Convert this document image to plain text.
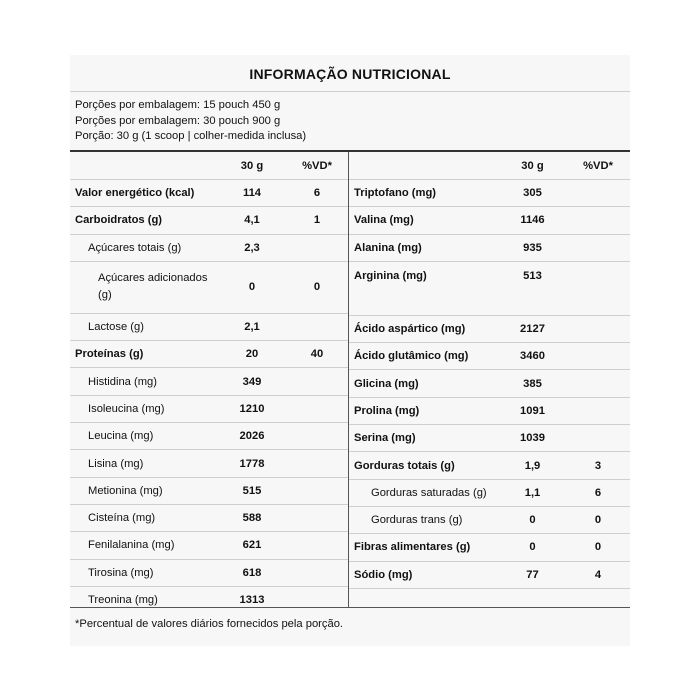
INFORMAÇÃO NUTRICIONAL
Porções por embalagem: 15 pouch 450 g
Porções por embalagem: 30 pouch 900 g
Porção: 30 g (1 scoop | colher-medida inclusa)
	30 g	%VD*
Valor energético (kcal)	114	6
Carboidratos (g)	4,1	1
Açúcares totais (g)	2,3	
Açúcares adicionados (g)	0	0
Lactose (g)	2,1	
Proteínas (g)	20	40
Histidina (mg)	349	
Isoleucina (mg)	1210	
Leucina (mg)	2026	
Lisina (mg)	1778	
Metionina (mg)	515	
Cisteína (mg)	588	
Fenilalanina (mg)	621	
Tirosina (mg)	618	
Treonina (mg)	1313	
	30 g	%VD*
Triptofano (mg)	305	
Valina (mg)	1146	
Alanina (mg)	935	
Arginina (mg)	513	
Ácido aspártico (mg)	2127	
Ácido glutâmico (mg)	3460	
Glicina (mg)	385	
Prolina (mg)	1091	
Serina (mg)	1039	
Gorduras totais (g)	1,9	3
Gorduras saturadas (g)	1,1	6
Gorduras trans (g)	0	0
Fibras alimentares (g)	0	0
Sódio (mg)	77	4

*Percentual de valores diários fornecidos pela porção.
